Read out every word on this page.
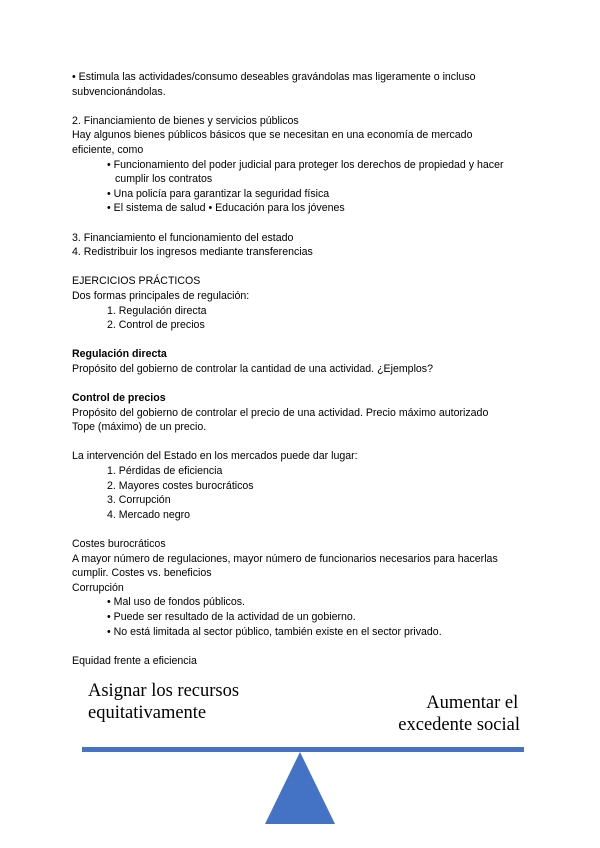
• Estimula las actividades/consumo deseables gravándolas mas ligeramente o incluso

subvencionándolas.

2. Financiamiento de bienes y servicios públicos

Hay algunos bienes públicos básicos que se necesitan en una economía de mercado

eficiente, como

• Funcionamiento del poder judicial para proteger los derechos de propiedad y hacer

cumplir los contratos

• Una policía para garantizar la seguridad física

• El sistema de salud • Educación para los jóvenes

3. Financiamiento el funcionamiento del estado

4. Redistribuir los ingresos mediante transferencias

EJERCICIOS PRÁCTICOS

Dos formas principales de regulación:

1. Regulación directa

2. Control de precios

Regulación directa

Propósito del gobierno de controlar la cantidad de una actividad. ¿Ejemplos?

Control de precios

Propósito del gobierno de controlar el precio de una actividad. Precio máximo autorizado

Tope (máximo) de un precio.

La intervención del Estado en los mercados puede dar lugar:

1. Pérdidas de eficiencia

2. Mayores costes burocráticos

3. Corrupción

4. Mercado negro

Costes burocráticos

A mayor número de regulaciones, mayor número de funcionarios necesarios para hacerlas

cumplir. Costes vs. beneficios

Corrupción

• Mal uso de fondos públicos.

• Puede ser resultado de la actividad de un gobierno.

• No está limitada al sector público, también existe en el sector privado.

Equidad frente a eficiencia

Asignar los recursos
equitativamente	Aumentar el
excedente social
